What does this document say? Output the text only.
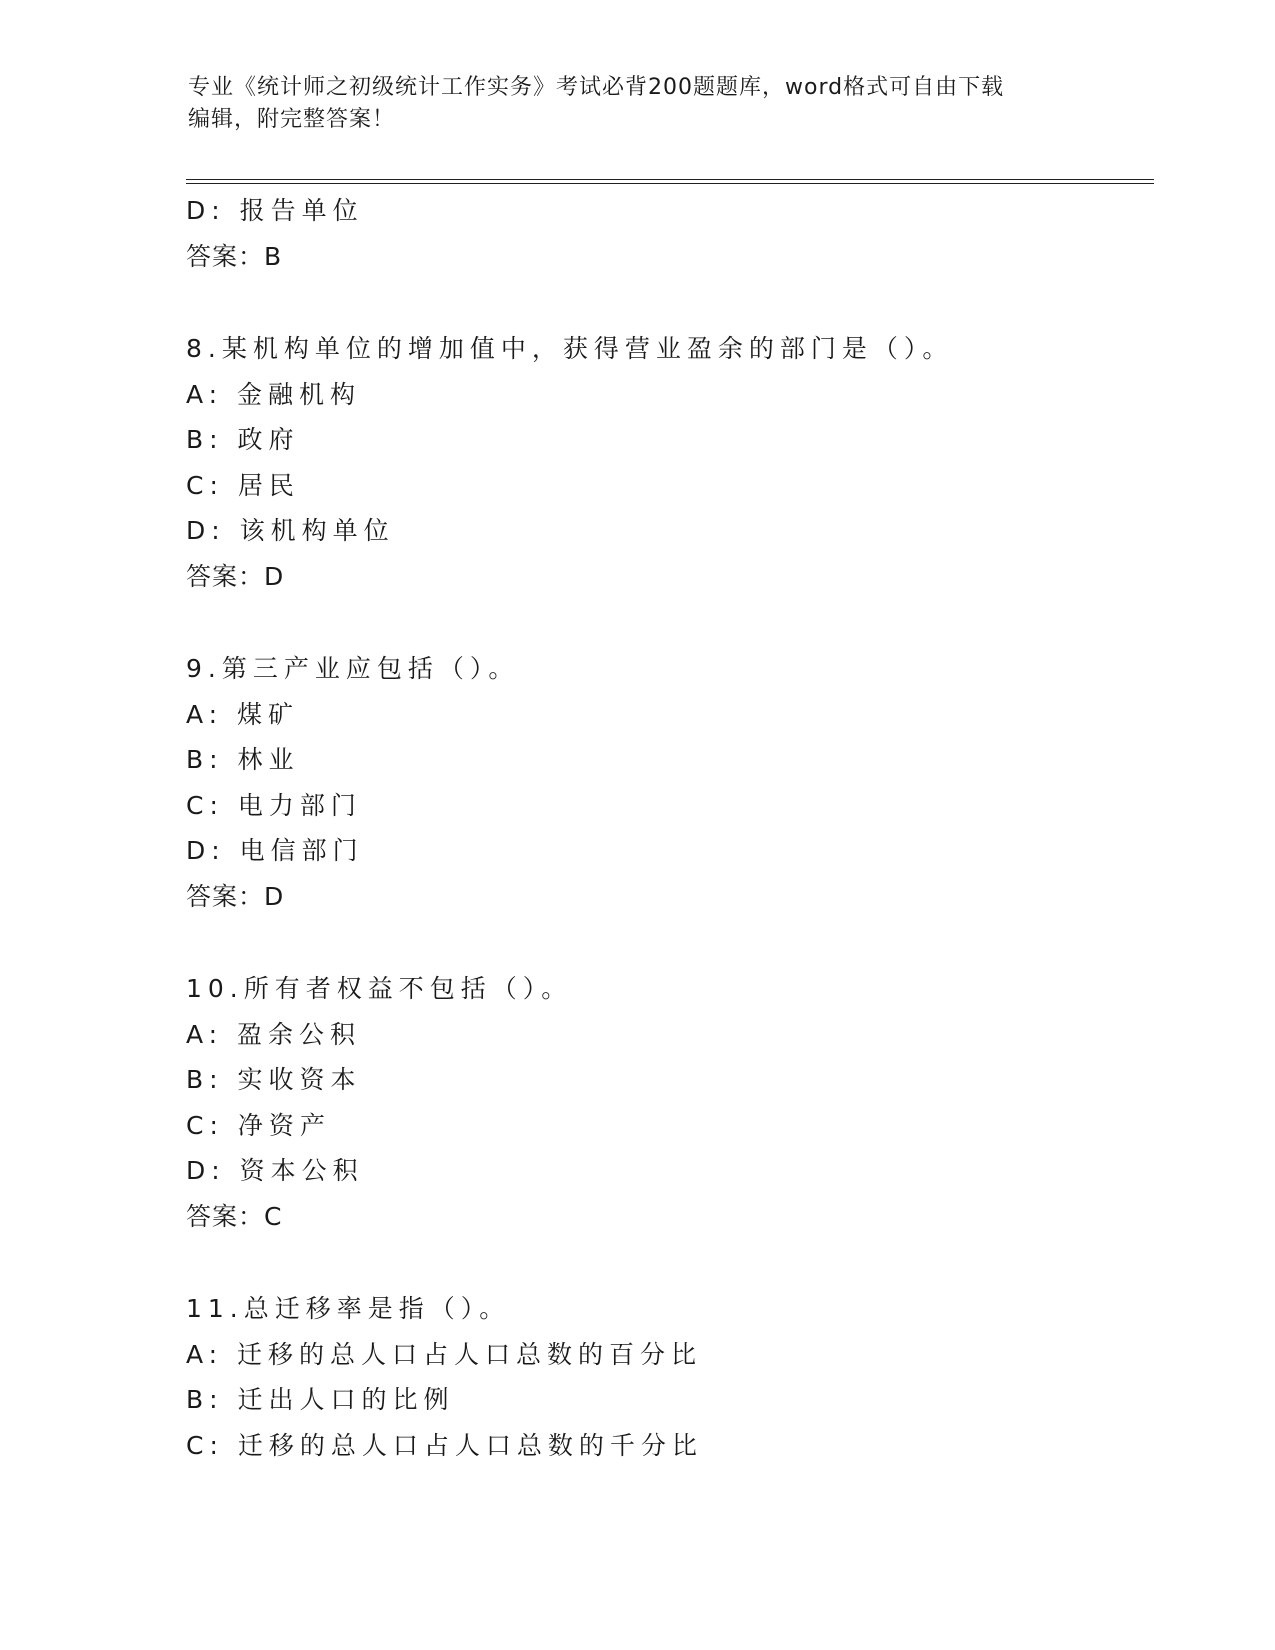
专业《统计师之初级统计工作实务》考试必背200题题库，word格式可自由下载
编辑，附完整答案！
D: 报告单位
答案：B
8.某机构单位的增加值中，获得营业盈余的部门是（）。
A: 金融机构
B: 政府
C: 居民
D: 该机构单位
答案：D
9.第三产业应包括（）。
A: 煤矿
B: 林业
C: 电力部门
D: 电信部门
答案：D
10.所有者权益不包括（）。
A: 盈余公积
B: 实收资本
C: 净资产
D: 资本公积
答案：C
11.总迁移率是指（）。
A: 迁移的总人口占人口总数的百分比
B: 迁出人口的比例
C: 迁移的总人口占人口总数的千分比
